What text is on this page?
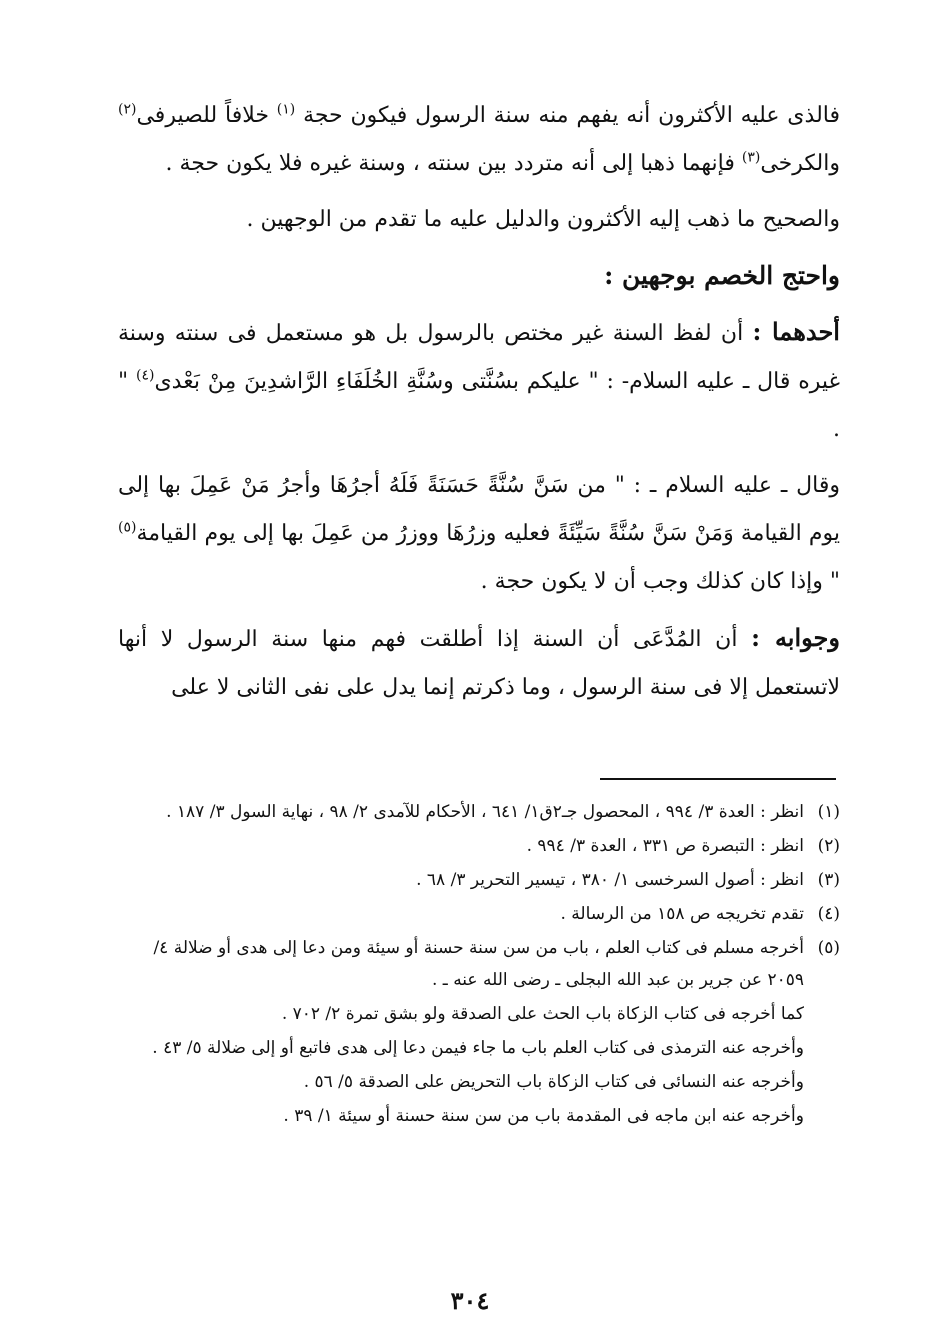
فالذى عليه الأكثرون أنه يفهم منه سنة الرسول فيكون حجة $^{(١)}$ خلافاً للصيرفى$^{(٢)}$ والكرخى$^{(٣)}$ فإنهما ذهبا إلى أنه متردد بين سنته ، وسنة غيره فلا يكون حجة .

والصحيح ما ذهب إليه الأكثرون والدليل عليه ما تقدم من الوجهين .

واحتج الخصم بوجهين :

أحدهما : أن لفظ السنة غير مختص بالرسول بل هو مستعمل فى سنته وسنة غيره قال ـ عليه السلام- : " عليكم بسُنَّتى وسُنَّةِ الخُلَفَاءِ الرَّاشدِينَ مِنْ بَعْدى$^{(٤)}$ " .

وقال ـ عليه السلام ـ : " من سَنَّ سُنَّةً حَسَنَةً فَلَهُ أجرُهَا وأجرُ مَنْ عَمِلَ بها إلى يوم القيامة وَمَنْ سَنَّ سُنَّةً سَيِّئَةً فعليه وزرُهَا ووزرُ من عَمِلَ بها إلى يوم القيامة$^{(٥)}$ " وإذا كان كذلك وجب أن لا يكون حجة .

وجوابه : أن المُدَّعَى أن السنة إذا أطلقت فهم منها سنة الرسول لا أنها لاتستعمل إلا فى سنة الرسول ، وما ذكرتم إنما يدل على نفى الثانى لا على

(١)
انظر : العدة ٣/ ٩٩٤ ، المحصول جـ٢ق١/ ٦٤١ ، الأحكام للآمدى ٢/ ٩٨ ، نهاية السول ٣/ ١٨٧ .
(٢)
انظر : التبصرة ص ٣٣١ ، العدة ٣/ ٩٩٤ .
(٣)
انظر : أصول السرخسى ١/ ٣٨٠ ، تيسير التحرير ٣/ ٦٨ .
(٤)
تقدم تخريجه ص ١٥٨ من الرسالة .
(٥)
أخرجه مسلم فى كتاب العلم ، باب من سن سنة حسنة أو سيئة ومن دعا إلى هدى أو ضلالة ٤/ ٢٠٥٩ عن جرير بن عبد الله البجلى ـ رضى الله عنه ـ .
كما أخرجه فى كتاب الزكاة باب الحث على الصدقة ولو بشق تمرة ٢/ ٧٠٢ .
وأخرجه عنه الترمذى فى كتاب العلم باب ما جاء فيمن دعا إلى هدى فاتبع أو إلى ضلالة ٥/ ٤٣ .
وأخرجه عنه النسائى فى كتاب الزكاة باب التحريض على الصدقة ٥/ ٥٦ .
وأخرجه عنه ابن ماجه فى المقدمة باب من سن سنة حسنة أو سيئة ١/ ٣٩ .
٣٠٤
